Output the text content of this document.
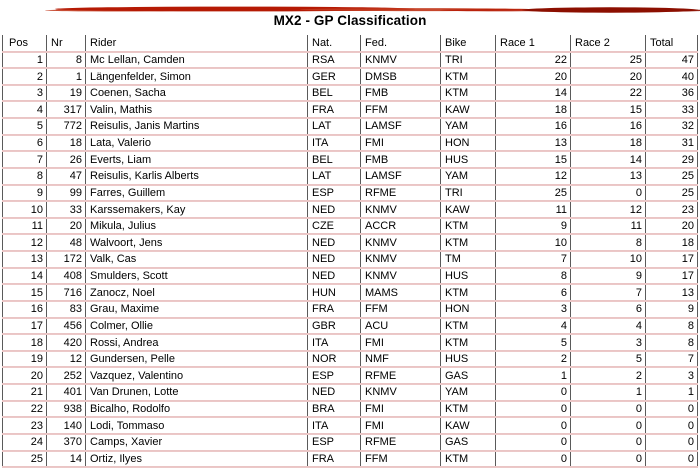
MX2 - GP Classification
Pos	Nr	Rider	Nat.	Fed.	Bike	Race 1	Race 2	Total
1	8 Mc Lellan, Camden	RSA	KNMV	TRI	22	25	47
2	1 Längenfelder, Simon	GER	DMSB	KTM	20	20	40
3	19 Coenen, Sacha	BEL	FMB	KTM	14	22	36
4	317 Valin, Mathis	FRA	FFM	KAW	18	15	33
5	772 Reisulis, Janis Martins	LAT	LAMSF	YAM	16	16	32
6	18 Lata, Valerio	ITA	FMI	HON	13	18	31
7	26 Everts, Liam	BEL	FMB	HUS	15	14	29
8	47 Reisulis, Karlis Alberts	LAT	LAMSF	YAM	12	13	25
9	99 Farres, Guillem	ESP	RFME	TRI	25	0	25
10	33 Karssemakers, Kay	NED	KNMV	KAW	11	12	23
11	20 Mikula, Julius	CZE	ACCR	KTM	9	11	20
12	48 Walvoort, Jens	NED	KNMV	KTM	10	8	18
13	172 Valk, Cas	NED	KNMV	TM	7	10	17
14	408 Smulders, Scott	NED	KNMV	HUS	8	9	17
15	716 Zanocz, Noel	HUN	MAMS	KTM	6	7	13
16	83 Grau, Maxime	FRA	FFM	HON	3	6	9
17	456 Colmer, Ollie	GBR	ACU	KTM	4	4	8
18	420 Rossi, Andrea	ITA	FMI	KTM	5	3	8
19	12 Gundersen, Pelle	NOR	NMF	HUS	2	5	7
20	252 Vazquez, Valentino	ESP	RFME	GAS	1	2	3
21	401 Van Drunen, Lotte	NED	KNMV	YAM	0	1	1
22	938 Bicalho, Rodolfo	BRA	FMI	KTM	0	0	0
23	140 Lodi, Tommaso	ITA	FMI	KAW	0	0	0
24	370 Camps, Xavier	ESP	RFME	GAS	0	0	0
25	14 Ortiz, Ilyes	FRA	FFM	KTM	0	0	0
